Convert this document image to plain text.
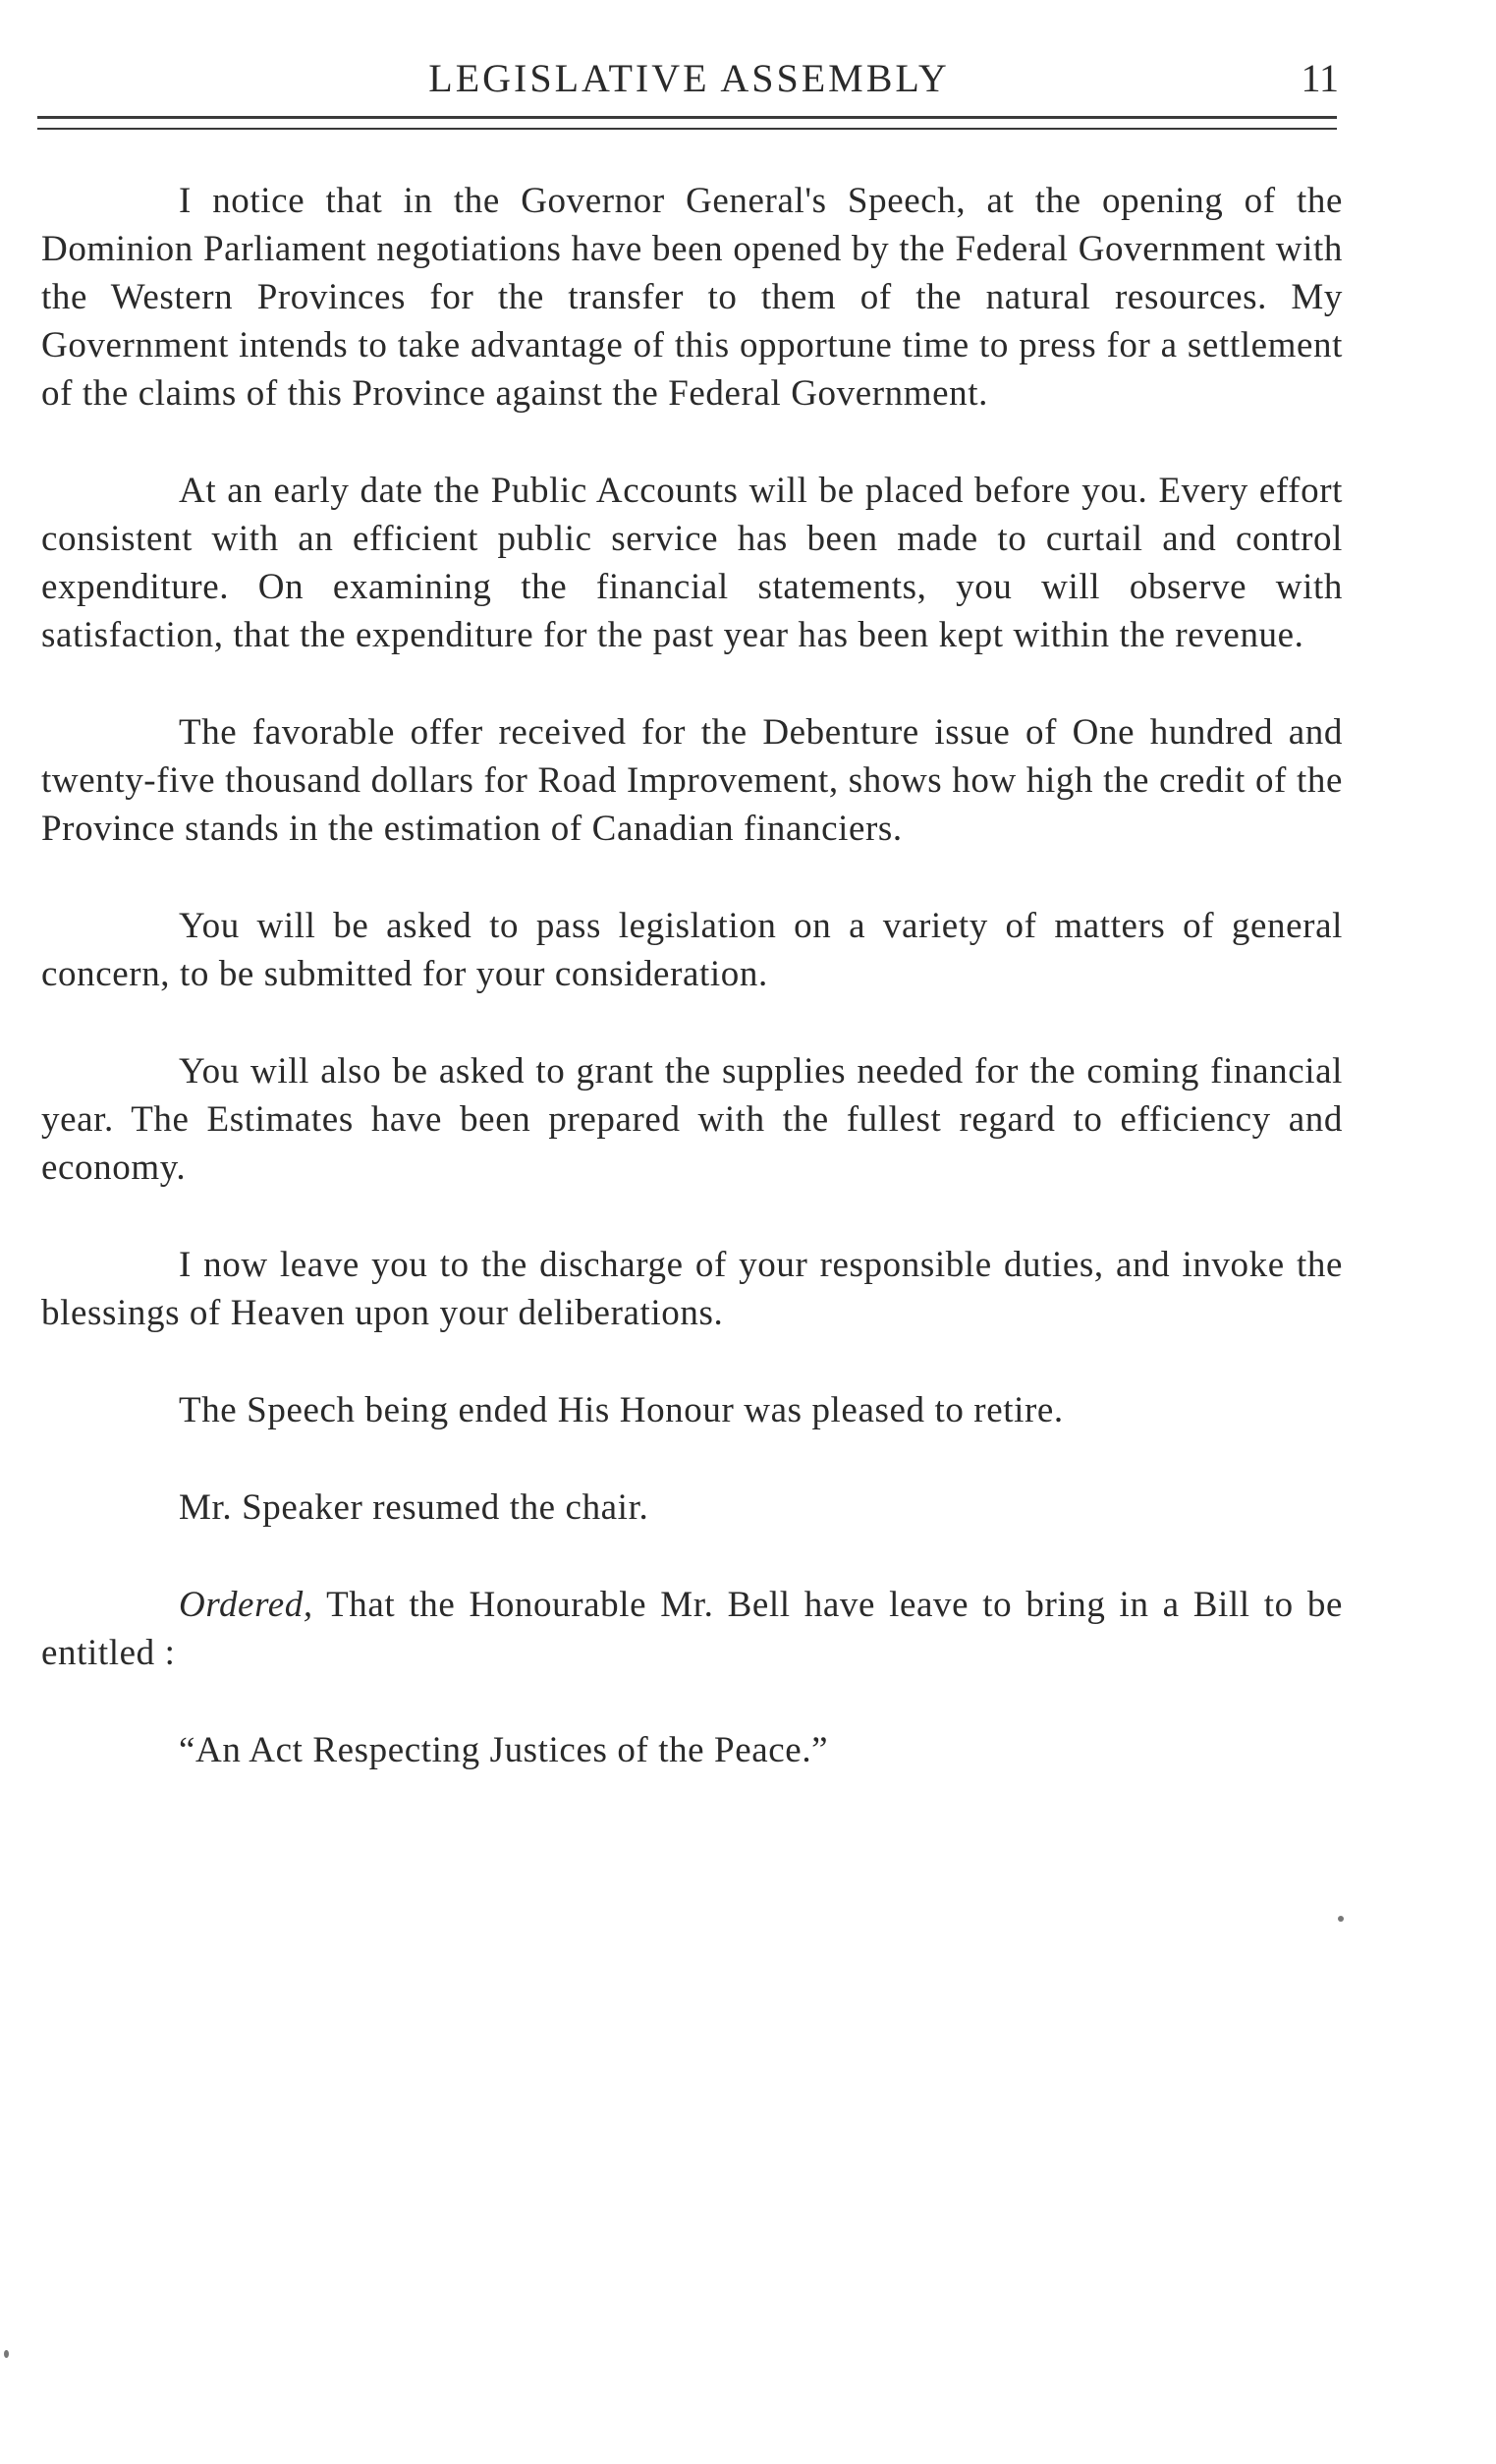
LEGISLATIVE ASSEMBLY	11

I notice that in the Governor General's Speech, at the opening of the Dominion Parliament negotiations have been opened by the Federal Government with the Western Provinces for the transfer to them of the natural resources. My Government intends to take advantage of this opportune time to press for a settlement of the claims of this Province against the Federal Government.

At an early date the Public Accounts will be placed before you. Every effort consistent with an efficient public service has been made to curtail and control expenditure. On examining the financial statements, you will observe with satisfaction, that the expenditure for the past year has been kept within the revenue.

The favorable offer received for the Debenture issue of One hundred and twenty-five thousand dollars for Road Improvement, shows how high the credit of the Province stands in the estimation of Canadian financiers.

You will be asked to pass legislation on a variety of matters of general concern, to be submitted for your consideration.

You will also be asked to grant the supplies needed for the coming financial year. The Estimates have been prepared with the fullest regard to efficiency and economy.

I now leave you to the discharge of your responsible duties, and invoke the blessings of Heaven upon your deliberations.

The Speech being ended His Honour was pleased to retire.

Mr. Speaker resumed the chair.

Ordered, That the Honourable Mr. Bell have leave to bring in a Bill to be entitled :

“An Act Respecting Justices of the Peace.”
